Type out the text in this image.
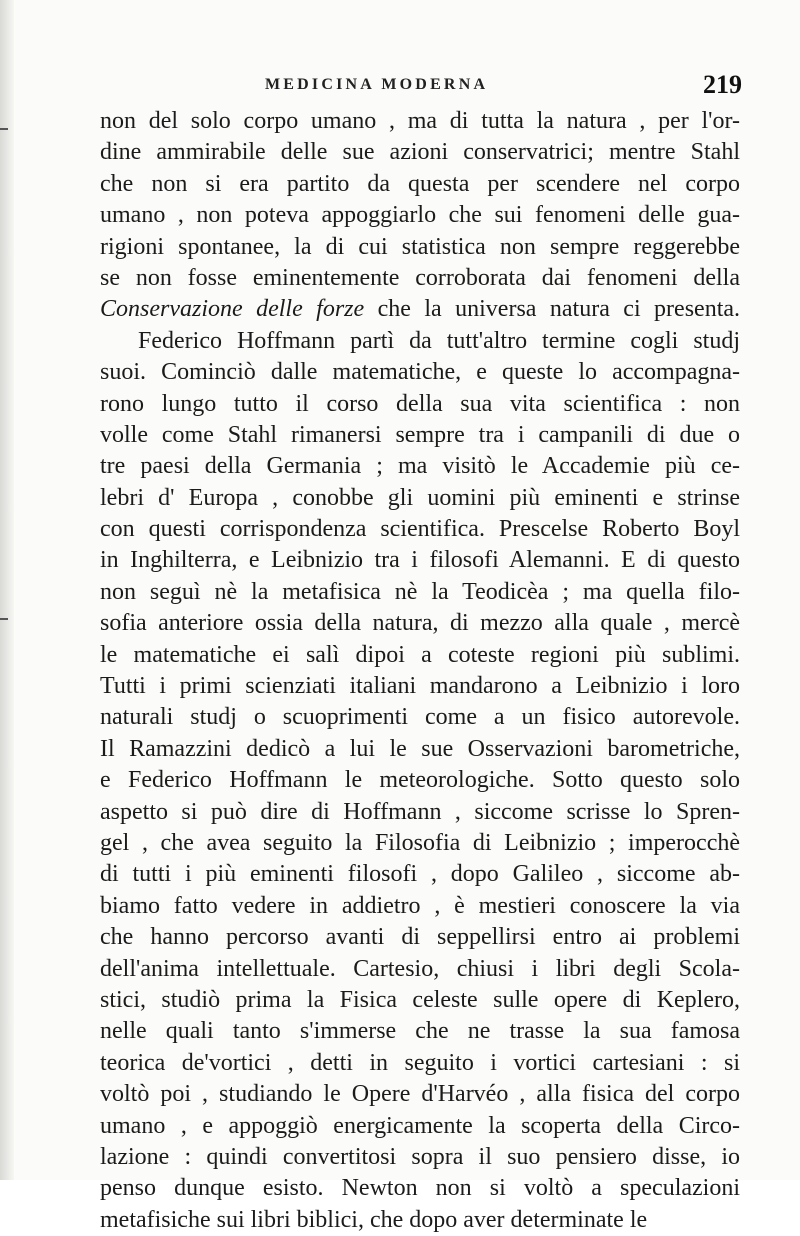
MEDICINA MODERNA	219
non del solo corpo umano , ma di tutta la natura , per l'or-
dine ammirabile delle sue azioni conservatrici; mentre Stahl
che non si era partito da questa per scendere nel corpo
umano , non poteva appoggiarlo che sui fenomeni delle gua-
rigioni spontanee, la di cui statistica non sempre reggerebbe
se non fosse eminentemente corroborata dai fenomeni della
Conservazione delle forze che la universa natura ci presenta.
Federico Hoffmann partì da tutt'altro termine cogli studj
suoi. Cominciò dalle matematiche, e queste lo accompagna-
rono lungo tutto il corso della sua vita scientifica : non
volle come Stahl rimanersi sempre tra i campanili di due o
tre paesi della Germania ; ma visitò le Accademie più ce-
lebri d' Europa , conobbe gli uomini più eminenti e strinse
con questi corrispondenza scientifica. Prescelse Roberto Boyl
in Inghilterra, e Leibnizio tra i filosofi Alemanni. E di questo
non seguì nè la metafisica nè la Teodicèa ; ma quella filo-
sofia anteriore ossia della natura, di mezzo alla quale , mercè
le matematiche ei salì dipoi a coteste regioni più sublimi.
Tutti i primi scienziati italiani mandarono a Leibnizio i loro
naturali studj o scuoprimenti come a un fisico autorevole.
Il Ramazzini dedicò a lui le sue Osservazioni barometriche,
e Federico Hoffmann le meteorologiche. Sotto questo solo
aspetto si può dire di Hoffmann , siccome scrisse lo Spren-
gel , che avea seguito la Filosofia di Leibnizio ; imperocchè
di tutti i più eminenti filosofi , dopo Galileo , siccome ab-
biamo fatto vedere in addietro , è mestieri conoscere la via
che hanno percorso avanti di seppellirsi entro ai problemi
dell'anima intellettuale. Cartesio, chiusi i libri degli Scola-
stici, studiò prima la Fisica celeste sulle opere di Keplero,
nelle quali tanto s'immerse che ne trasse la sua famosa
teorica de'vortici , detti in seguito i vortici cartesiani : si
voltò poi , studiando le Opere d'Harvéo , alla fisica del corpo
umano , e appoggiò energicamente la scoperta della Circo-
lazione : quindi convertitosi sopra il suo pensiero disse, io
penso dunque esisto. Newton non si voltò a speculazioni
metafisiche sui libri biblici, che dopo aver determinate le
